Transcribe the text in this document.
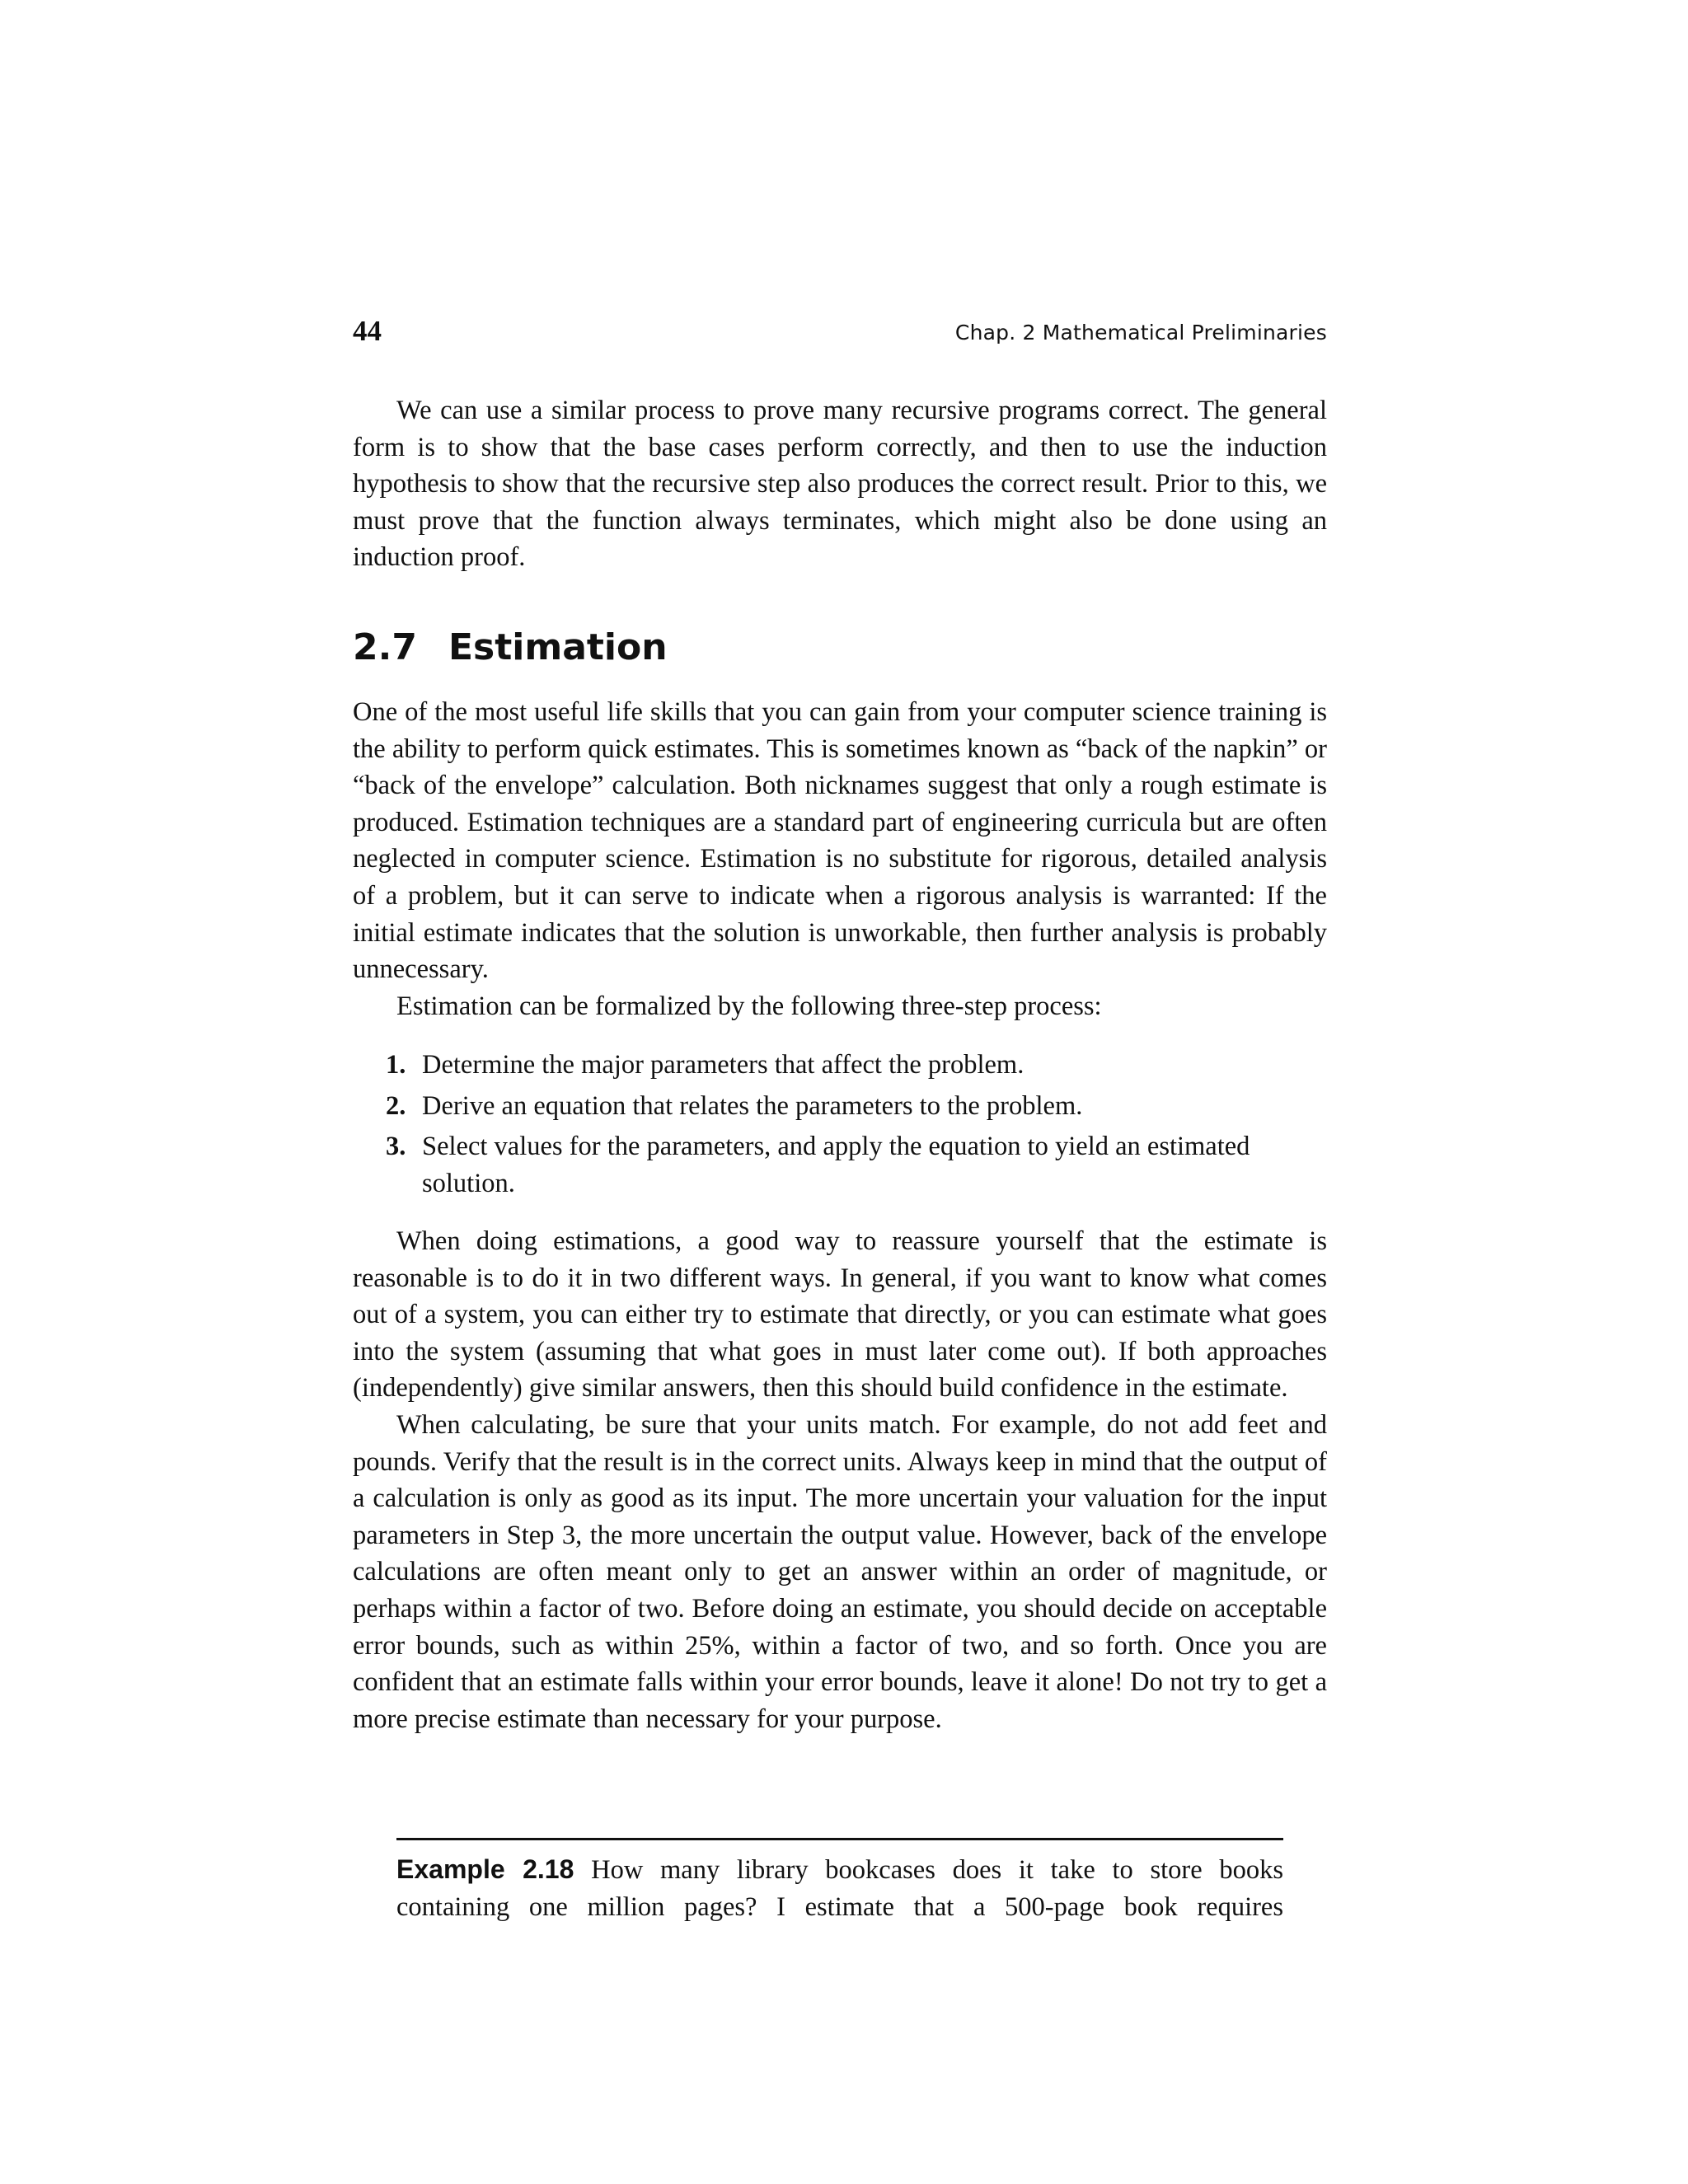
44	Chap. 2 Mathematical Preliminaries

We can use a similar process to prove many recursive programs correct. The general form is to show that the base cases perform correctly, and then to use the induction hypothesis to show that the recursive step also produces the correct result. Prior to this, we must prove that the function always terminates, which might also be done using an induction proof.

2.7 Estimation

One of the most useful life skills that you can gain from your computer science training is the ability to perform quick estimates. This is sometimes known as “back of the napkin” or “back of the envelope” calculation. Both nicknames suggest that only a rough estimate is produced. Estimation techniques are a standard part of engineering curricula but are often neglected in computer science. Estimation is no substitute for rigorous, detailed analysis of a problem, but it can serve to indicate when a rigorous analysis is warranted: If the initial estimate indicates that the solution is unworkable, then further analysis is probably unnecessary.

Estimation can be formalized by the following three-step process:

1. Determine the major parameters that affect the problem.
2. Derive an equation that relates the parameters to the problem.
3. Select values for the parameters, and apply the equation to yield an estimated solution.

When doing estimations, a good way to reassure yourself that the estimate is reasonable is to do it in two different ways. In general, if you want to know what comes out of a system, you can either try to estimate that directly, or you can estimate what goes into the system (assuming that what goes in must later come out). If both approaches (independently) give similar answers, then this should build confidence in the estimate.

When calculating, be sure that your units match. For example, do not add feet and pounds. Verify that the result is in the correct units. Always keep in mind that the output of a calculation is only as good as its input. The more uncertain your valuation for the input parameters in Step 3, the more uncertain the output value. However, back of the envelope calculations are often meant only to get an answer within an order of magnitude, or perhaps within a factor of two. Before doing an estimate, you should decide on acceptable error bounds, such as within 25%, within a factor of two, and so forth. Once you are confident that an estimate falls within your error bounds, leave it alone! Do not try to get a more precise estimate than necessary for your purpose.

Example 2.18 How many library bookcases does it take to store books containing one million pages? I estimate that a 500-page book requires
